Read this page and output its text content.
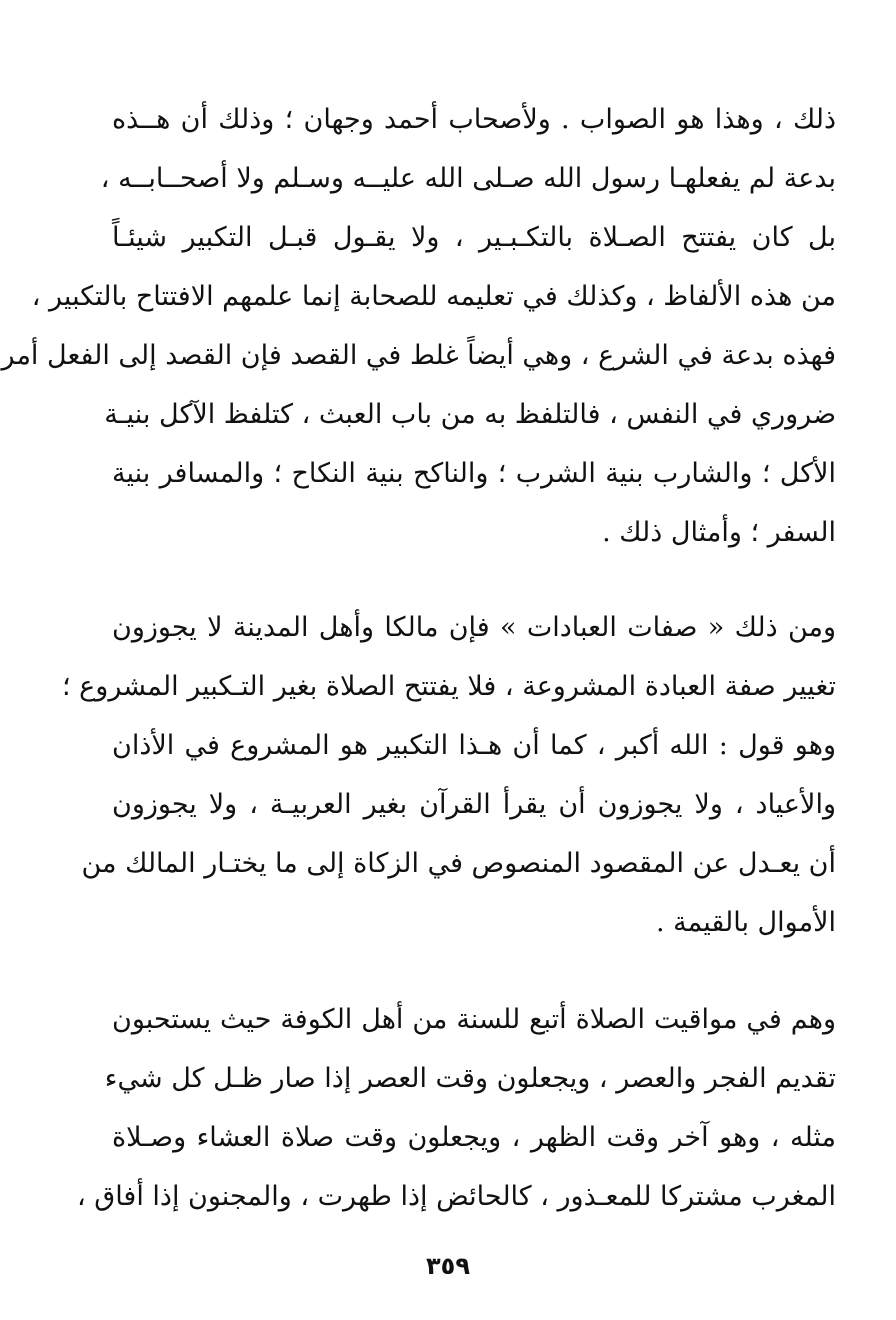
ذلك ، وهذا هو الصواب . ولأصحاب أحمد وجهان ؛ وذلك أن هــذه
بدعة لم يفعلهـا رسول الله صـلى الله عليــه وسـلم ولا أصحــابــه ،
بل كان يفتتح الصـلاة بالتكـبـير ، ولا يقـول قبـل التكبير شيئـاً
من هذه الألفاظ ، وكذلك في تعليمه للصحابة إنما علمهم الافتتاح بالتكبير ،
فهذه بدعة في الشرع ، وهي أيضاً غلط في القصد فإن القصد إلى الفعل أمر
ضروري في النفس ، فالتلفظ به من باب العبث ، كتلفظ الآكل بنيـة
الأكل ؛ والشارب بنية الشرب ؛ والناكح بنية النكاح ؛ والمسافر بنية
السفر ؛ وأمثال ذلك .
ومن ذلك « صفات العبادات » فإن مالكا وأهل المدينة لا يجوزون
تغيير صفة العبادة المشروعة ، فلا يفتتح الصلاة بغير التـكبير المشروع ؛
وهو قول : الله أكبر ، كما أن هـذا التكبير هو المشروع في الأذان
والأعياد ، ولا يجوزون أن يقرأ القرآن بغير العربيـة ، ولا يجوزون
أن يعـدل عن المقصود المنصوص في الزكاة إلى ما يختـار المالك من
الأموال بالقيمة .
وهم في مواقيت الصلاة أتبع للسنة من أهل الكوفة حيث يستحبون
تقديم الفجر والعصر ، ويجعلون وقت العصر إذا صار ظـل كل شيء
مثله ، وهو آخر وقت الظهر ، ويجعلون وقت صلاة العشاء وصـلاة
المغرب مشتركا للمعـذور ، كالحائض إذا طهرت ، والمجنون إذا أفاق ،
٣٥٩
